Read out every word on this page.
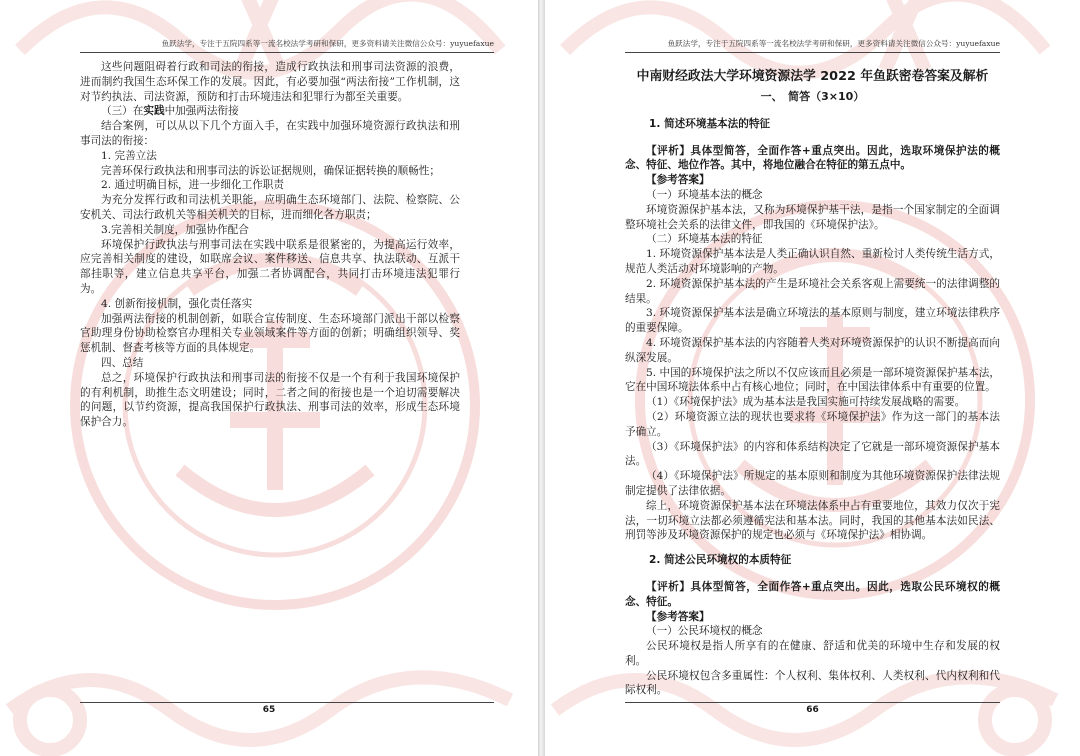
鱼跃法学，专注于五院四系等一流名校法学考研和保研，更多资料请关注微信公众号：yuyuefaxue

这些问题阻碍着行政和司法的衔接，造成行政执法和刑事司法资源的浪费，进而制约我国生态环保工作的发展。因此，有必要加强“两法衔接”工作机制，这对节约执法、司法资源，预防和打击环境违法和犯罪行为都至关重要。

（三）在实践中加强两法衔接

结合案例，可以从以下几个方面入手，在实践中加强环境资源行政执法和刑事司法的衔接：

1. 完善立法

完善环保行政执法和刑事司法的诉讼证据规则，确保证据转换的顺畅性；

2. 通过明确目标，进一步细化工作职责

为充分发挥行政和司法机关职能，应明确生态环境部门、法院、检察院、公安机关、司法行政机关等相关机关的目标，进而细化各方职责；

3.完善相关制度，加强协作配合

环境保护行政执法与刑事司法在实践中联系是很紧密的，为提高运行效率，应完善相关制度的建设，如联席会议、案件移送、信息共享、执法联动、互派干部挂职等，建立信息共享平台，加强二者协调配合，共同打击环境违法犯罪行为。

4. 创新衔接机制，强化责任落实

加强两法衔接的机制创新，如联合宣传制度、生态环境部门派出干部以检察官助理身份协助检察官办理相关专业领域案件等方面的创新；明确组织领导、奖惩机制、督查考核等方面的具体规定。

四、总结

总之，环境保护行政执法和刑事司法的衔接不仅是一个有利于我国环境保护的有利机制，助推生态文明建设；同时，二者之间的衔接也是一个迫切需要解决的问题，以节约资源，提高我国保护行政执法、刑事司法的效率，形成生态环境保护合力。

65
鱼跃法学，专注于五院四系等一流名校法学考研和保研，更多资料请关注微信公众号：yuyuefaxue
中南财经政法大学环境资源法学 2022 年鱼跃密卷答案及解析
一、　简答（3×10）
1. 简述环境基本法的特征

【评析】具体型简答，全面作答+重点突出。因此，选取环境保护法的概念、特征、地位作答。其中，将地位融合在特征的第五点中。

【参考答案】

（一）环境基本法的概念

环境资源保护基本法，又称为环境保护基干法，是指一个国家制定的全面调整环境社会关系的法律文件，即我国的《环境保护法》。

（二）环境基本法的特征

1. 环境资源保护基本法是人类正确认识自然、重新检讨人类传统生活方式，规范人类活动对环境影响的产物。

2. 环境资源保护基本法的产生是环境社会关系客观上需要统一的法律调整的结果。

3. 环境资源保护基本法是确立环境法的基本原则与制度，建立环境法律秩序的重要保障。

4. 环境资源保护基本法的内容随着人类对环境资源保护的认识不断提高而向纵深发展。

5. 中国的环境保护法之所以不仅应该而且必须是一部环境资源保护基本法，它在中国环境法体系中占有核心地位；同时，在中国法律体系中有重要的位置。

（1）《环境保护法》成为基本法是我国实施可持续发展战略的需要。

（2）环境资源立法的现状也要求将《环境保护法》作为这一部门的基本法予确立。

（3）《环境保护法》的内容和体系结构决定了它就是一部环境资源保护基本法。

（4）《环境保护法》所规定的基本原则和制度为其他环境资源保护法律法规制定提供了法律依据。

综上，环境资源保护基本法在环境法体系中占有重要地位，其效力仅次于宪法，一切环境立法都必须遵循宪法和基本法。同时，我国的其他基本法如民法、刑罚等涉及环境资源保护的规定也必须与《环境保护法》相协调。

2. 简述公民环境权的本质特征

【评析】具体型简答，全面作答+重点突出。因此，选取公民环境权的概念、特征。

【参考答案】

（一）公民环境权的概念

公民环境权是指人所享有的在健康、舒适和优美的环境中生存和发展的权利。

公民环境权包含多重属性：个人权利、集体权利、人类权利、代内权利和代际权利。

66
